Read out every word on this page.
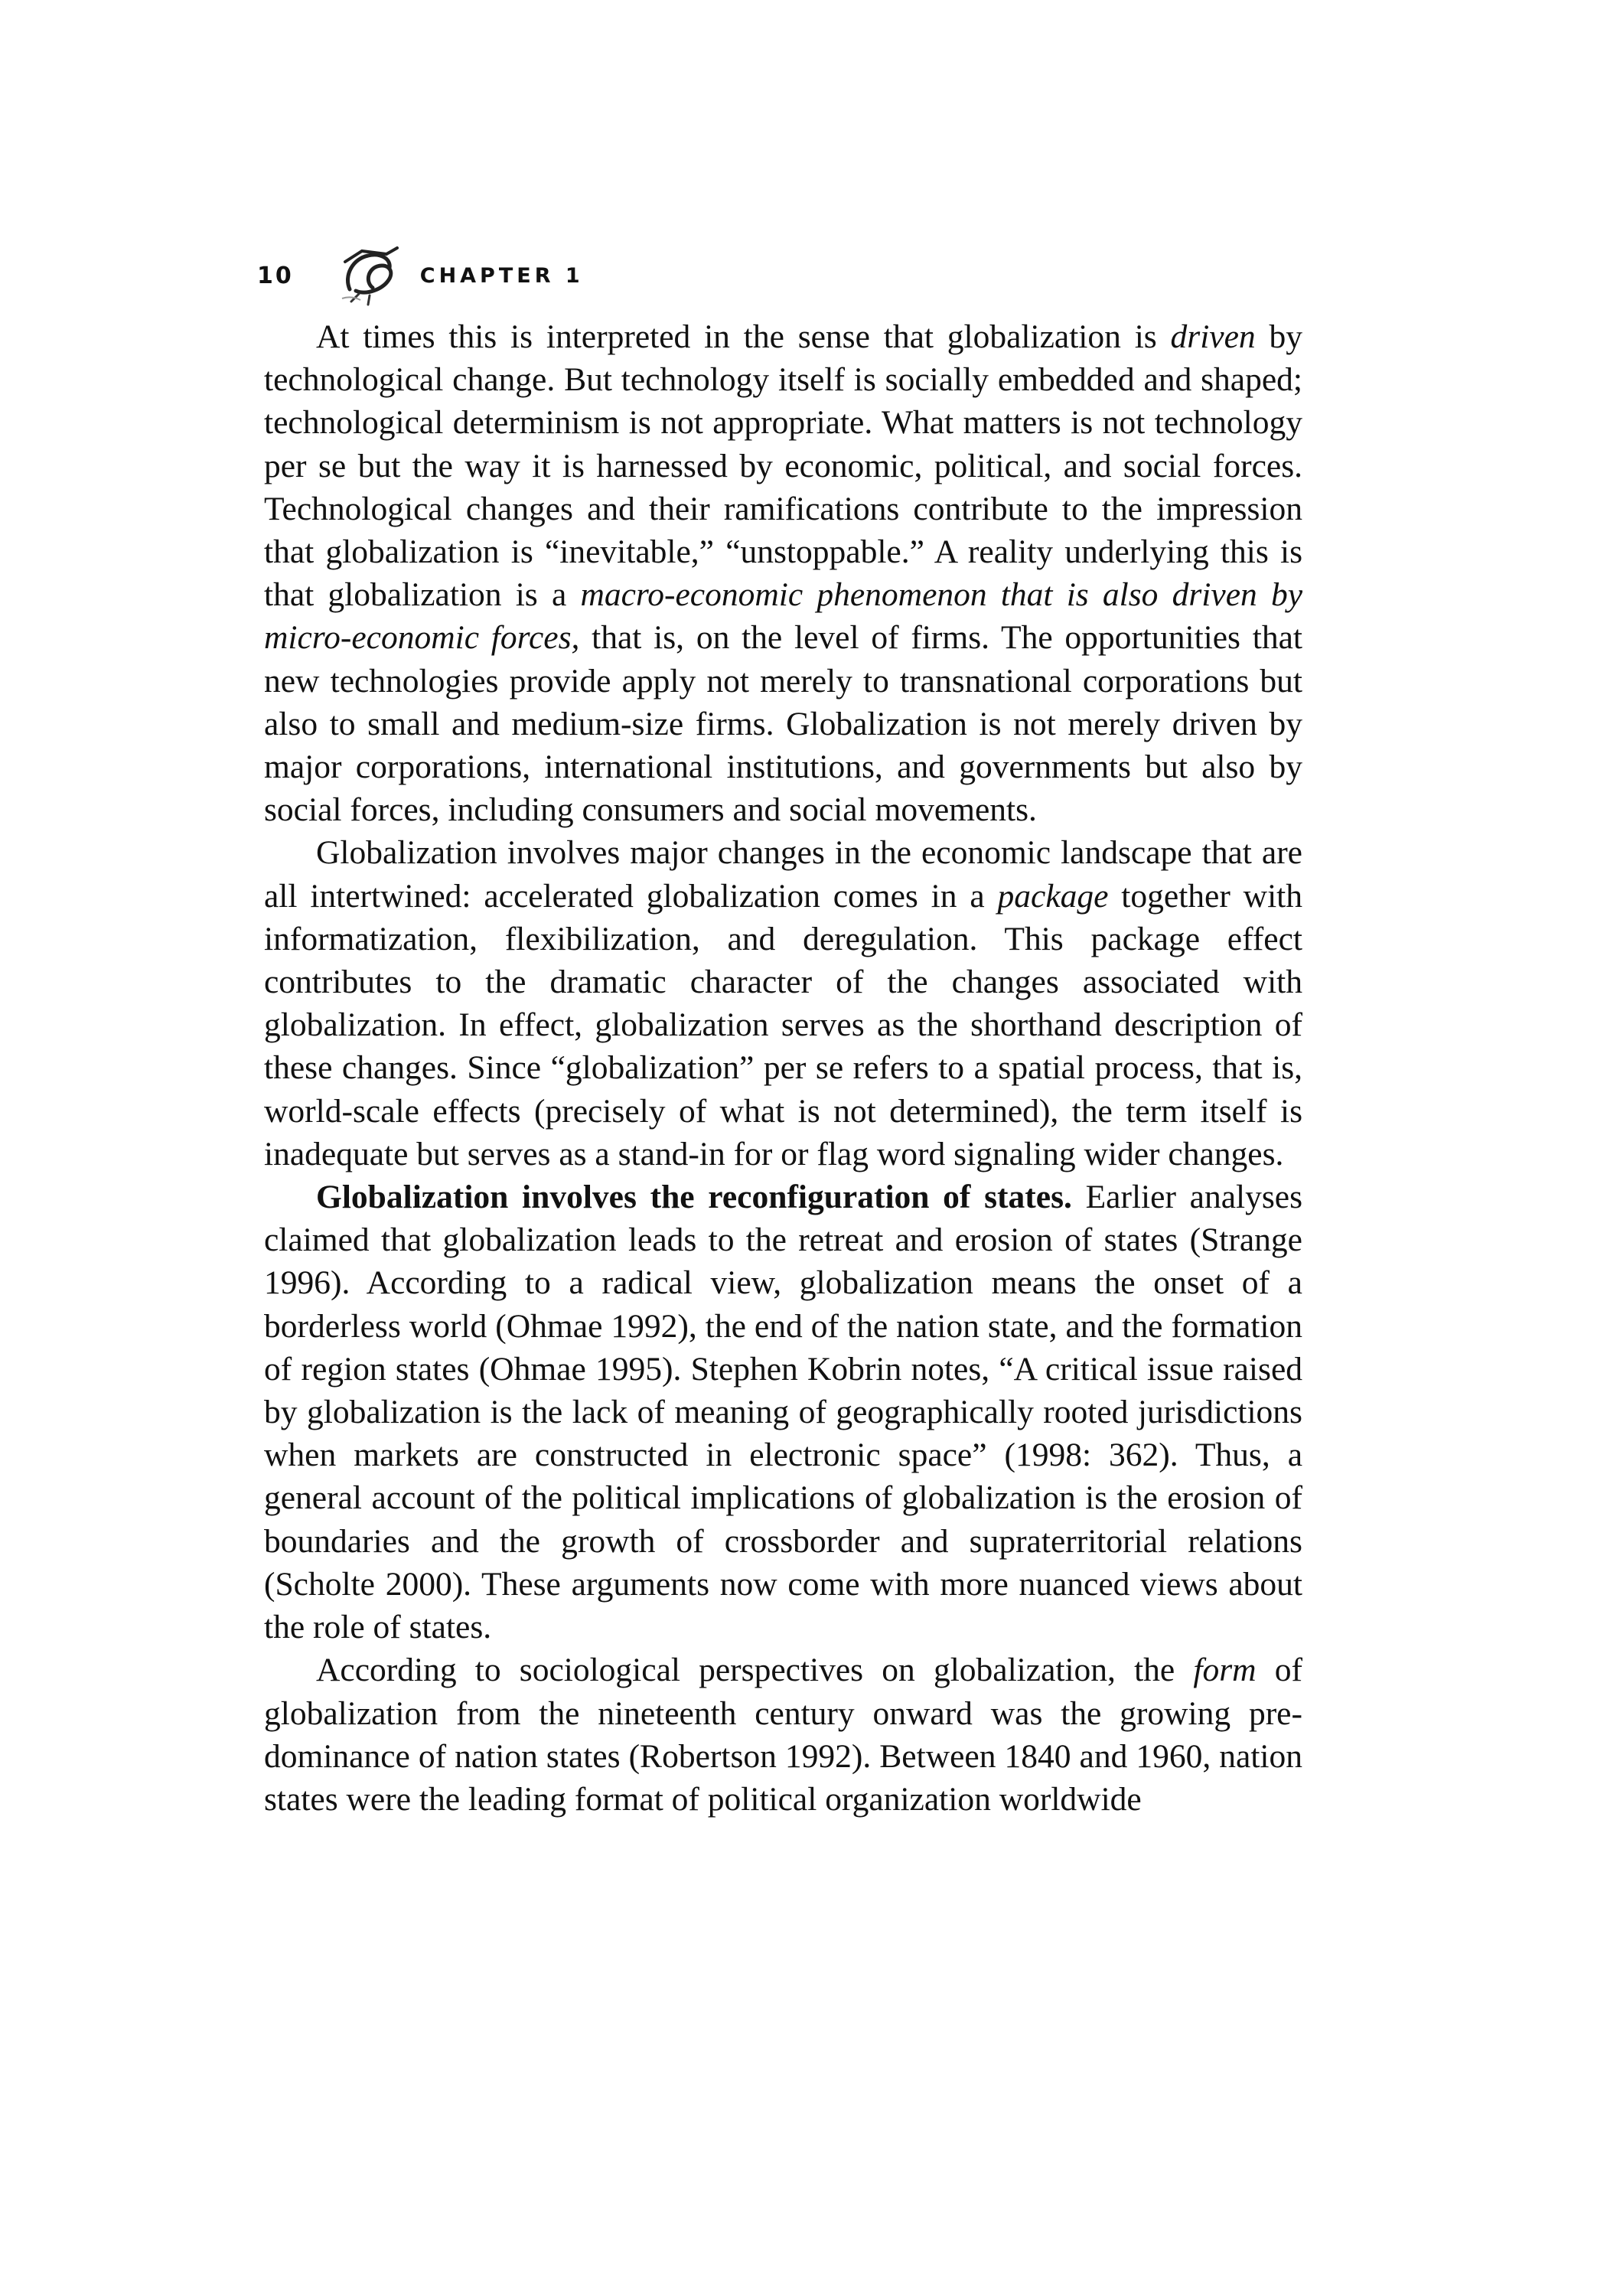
10	CHAPTER 1

At times this is interpreted in the sense that globalization is driven by technological change. But technology itself is socially embedded and shaped; technological determinism is not appropriate. What matters is not technology per se but the way it is harnessed by economic, political, and social forces. Technological changes and their ramifications contribute to the impression that globalization is “inevitable,” “unstoppable.” A reality underlying this is that globalization is a macro-economic phenomenon that is also driven by micro-economic forces, that is, on the level of firms. The opportunities that new technologies provide apply not merely to transnational corporations but also to small and medium-size firms. Globalization is not merely driven by major corporations, international institutions, and governments but also by social forces, including consumers and social movements.

Globalization involves major changes in the economic landscape that are all intertwined: accelerated globalization comes in a package together with informatization, flexibilization, and deregulation. This package effect contributes to the dramatic character of the changes associated with globalization. In effect, globalization serves as the shorthand description of these changes. Since “globalization” per se refers to a spatial process, that is, world-scale effects (precisely of what is not determined), the term itself is inadequate but serves as a stand-in for or flag word signaling wider changes.

Globalization involves the reconfiguration of states. Earlier analyses claimed that globalization leads to the retreat and erosion of states (Strange 1996). According to a radical view, globalization means the onset of a borderless world (Ohmae 1992), the end of the nation state, and the formation of region states (Ohmae 1995). Stephen Kobrin notes, “A critical issue raised by globalization is the lack of meaning of geographically rooted jurisdictions when markets are constructed in electronic space” (1998: 362). Thus, a general account of the political implications of globalization is the erosion of boundaries and the growth of crossborder and supraterritorial relations (Scholte 2000). These arguments now come with more nuanced views about the role of states.

According to sociological perspectives on globalization, the form of globalization from the nineteenth century onward was the growing predominance of nation states (Robertson 1992). Between 1840 and 1960, nation states were the leading format of political organization worldwide
